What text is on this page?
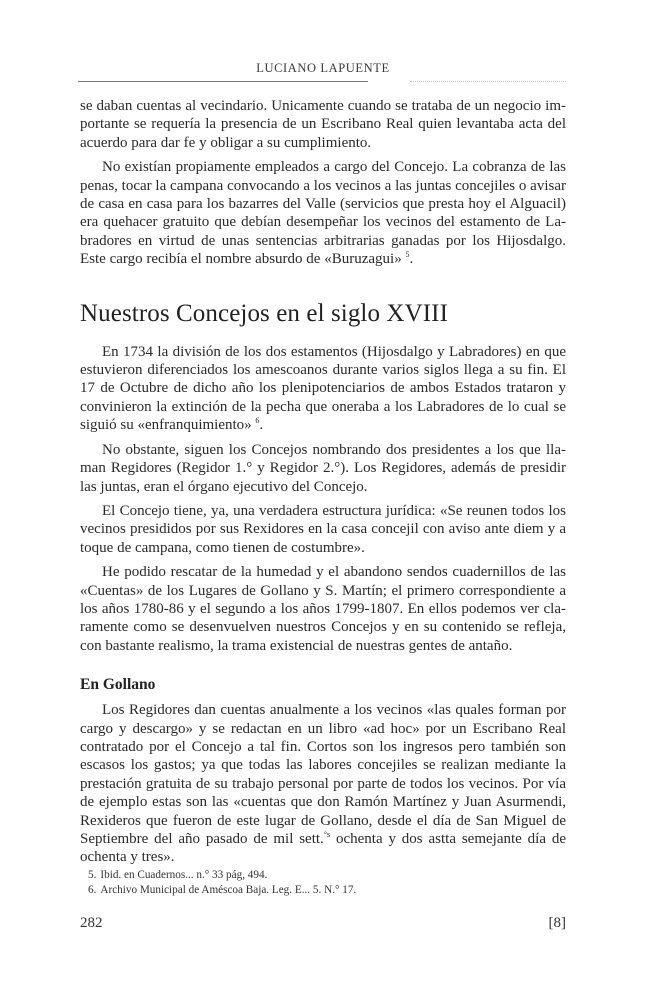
LUCIANO LAPUENTE

se daban cuentas al vecindario. Unicamente cuando se trataba de un negocio importante se requería la presencia de un Escribano Real quien levantaba acta del acuerdo para dar fe y obligar a su cumplimiento.

No existían propiamente empleados a cargo del Concejo. La cobranza de las penas, tocar la campana convocando a los vecinos a las juntas concejiles o avisar de casa en casa para los bazarres del Valle (servicios que presta hoy el Alguacil) era quehacer gratuito que debían desempeñar los vecinos del estamento de Labradores en virtud de unas sentencias arbitrarias ganadas por los Hijosdalgo. Este cargo recibía el nombre absurdo de «Buruzagui» $^5$.

Nuestros Concejos en el siglo XVIII

En 1734 la división de los dos estamentos (Hijosdalgo y Labradores) en que estuvieron diferenciados los amescoanos durante varios siglos llega a su fin. El 17 de Octubre de dicho año los plenipotenciarios de ambos Estados trataron y convinieron la extinción de la pecha que oneraba a los Labradores de lo cual se siguió su «enfranquimiento» $^6$.

No obstante, siguen los Concejos nombrando dos presidentes a los que llaman Regidores (Regidor 1.° y Regidor 2.°). Los Regidores, además de presidir las juntas, eran el órgano ejecutivo del Concejo.

El Concejo tiene, ya, una verdadera estructura jurídica: «Se reunen todos los vecinos presididos por sus Rexidores en la casa concejil con aviso ante diem y a toque de campana, como tienen de costumbre».

He podido rescatar de la humedad y el abandono sendos cuadernillos de las «Cuentas» de los Lugares de Gollano y S. Martín; el primero correspondiente a los años 1780-86 y el segundo a los años 1799-1807. En ellos podemos ver claramente como se desenvuelven nuestros Concejos y en su contenido se refleja, con bastante realismo, la trama existencial de nuestras gentes de antaño.

En Gollano

Los Regidores dan cuentas anualmente a los vecinos «las quales forman por cargo y descargo» y se redactan en un libro «ad hoc» por un Escribano Real contratado por el Concejo a tal fin. Cortos son los ingresos pero también son escasos los gastos; ya que todas las labores concejiles se realizan mediante la prestación gratuita de su trabajo personal por parte de todos los vecinos. Por vía de ejemplo estas son las «cuentas que don Ramón Martínez y Juan Asurmendi, Rexideros que fueron de este lugar de Gollano, desde el día de San Miguel de Septiembre del año pasado de mil sett.$^{^\circ s}$ ochenta y dos astta semejante día de ochenta y tres».

5. Ibid. en Cuadernos... n.° 33 pág, 494.
6. Archivo Municipal de Améscoa Baja. Leg. E... 5. N.° 17.
282	[8]
